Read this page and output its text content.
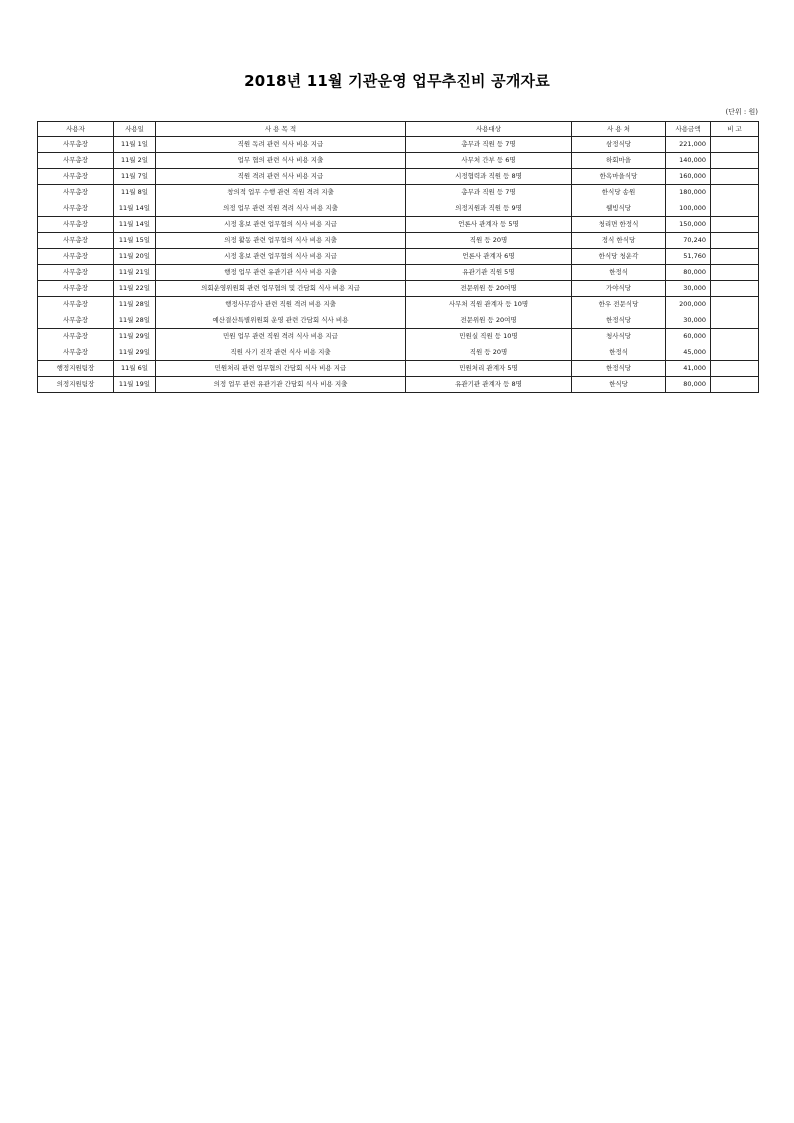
2018년 11월 기관운영 업무추진비 공개자료
(단위 : 원)
사용자	사용일	사 용 목 적	사용대상	사 용 처	사용금액	비 고
사무총장	11월 1일	직원 독려 관련 식사 비용 지급	총무과 직원 등 7명	삼정식당	221,000	
사무총장	11월 2일	업무 협의 관련 식사 비용 지출	사무처 간부 등 6명	하회마을	140,000	
사무총장	11월 7일	직원 격려 관련 식사 비용 지급	시정협력과 직원 등 8명	한옥마을식당	160,000	
사무총장	11월 8일	창의적 업무 수행 관련 직원 격려 지출	총무과 직원 등 7명	한식당 송원	180,000	
사무총장	11월 14일	의정 업무 관련 직원 격려 식사 비용 지출	의정지원과 직원 등 9명	웰빙식당	100,000	
사무총장	11월 14일	시정 홍보 관련 업무협의 식사 비용 지급	언론사 관계자 등 5명	청리면 한정식	150,000	
사무총장	11월 15일	의정 활동 관련 업무협의 식사 비용 지출	직원 등 20명	정식 한식당	70,240	
사무총장	11월 20일	시정 홍보 관련 업무협의 식사 비용 지급	언론사 관계자 6명	한식당 청운각	51,760	
사무총장	11월 21일	행정 업무 관련 유관기관 식사 비용 지출	유관기관 직원 5명	한정식	80,000	
사무총장	11월 22일	의회운영위원회 관련 업무협의 및 간담회 식사 비용 지급	전문위원 등 20여명	가야식당	30,000	
사무총장	11월 28일	행정사무감사 관련 직원 격려 비용 지출	사무처 직원 관계자 등 10명	한우 전문식당	200,000	
사무총장	11월 28일	예산결산특별위원회 운영 관련 간담회 식사 비용	전문위원 등 20여명	한정식당	30,000	
사무총장	11월 29일	민원 업무 관련 직원 격려 식사 비용 지급	민원실 직원 등 10명	청사식당	60,000	
사무총장	11월 29일	직원 사기 진작 관련 식사 비용 지출	직원 등 20명	한정식	45,000	
행정지원팀장	11월 6일	민원처리 관련 업무협의 간담회 식사 비용 지급	민원처리 관계자 5명	한정식당	41,000	
의정지원팀장	11월 19일	의정 업무 관련 유관기관 간담회 식사 비용 지출	유관기관 관계자 등 8명	한식당	80,000	
